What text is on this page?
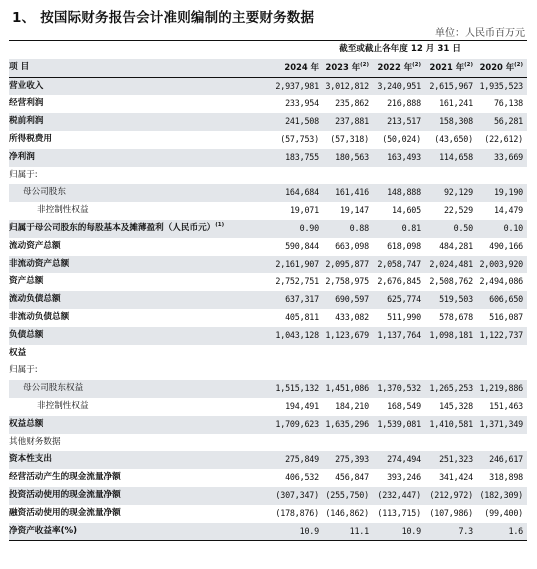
1、 按国际财务报告会计准则编制的主要财务数据
单位：人民币百万元
	截至或截止各年度 12 月 31 日				
项 目	2024 年	2023 年$^{(2)}$	2022 年$^{(2)}$	2021 年$^{(2)}$	2020 年$^{(2)}$
营业收入	2,937,981	3,012,812	3,240,951	2,615,967	1,935,523
经营利润	233,954	235,862	216,888	161,241	76,138
税前利润	241,508	237,881	213,517	158,308	56,281
所得税费用	(57,753)	(57,318)	(50,024)	(43,650)	(22,612)
净利润	183,755	180,563	163,493	114,658	33,669
归属于:					
母公司股东	164,684	161,416	148,888	92,129	19,190
非控制性权益	19,071	19,147	14,605	22,529	14,479
归属于母公司股东的每股基本及摊薄盈利（人民币元）$^{(1)}$	0.90	0.88	0.81	0.50	0.10
流动资产总额	590,844	663,098	618,098	484,281	490,166
非流动资产总额	2,161,907	2,095,877	2,058,747	2,024,481	2,003,920
资产总额	2,752,751	2,758,975	2,676,845	2,508,762	2,494,086
流动负债总额	637,317	690,597	625,774	519,503	606,650
非流动负债总额	405,811	433,082	511,990	578,678	516,087
负债总额	1,043,128	1,123,679	1,137,764	1,098,181	1,122,737
权益					
归属于:					
母公司股东权益	1,515,132	1,451,086	1,370,532	1,265,253	1,219,886
非控制性权益	194,491	184,210	168,549	145,328	151,463
权益总额	1,709,623	1,635,296	1,539,081	1,410,581	1,371,349
其他财务数据					
资本性支出	275,849	275,393	274,494	251,323	246,617
经营活动产生的现金流量净额	406,532	456,847	393,246	341,424	318,898
投资活动使用的现金流量净额	(307,347)	(255,750)	(232,447)	(212,972)	(182,309)
融资活动使用的现金流量净额	(178,876)	(146,862)	(113,715)	(107,986)	(99,400)
净资产收益率(%)	10.9	11.1	10.9	7.3	1.6
